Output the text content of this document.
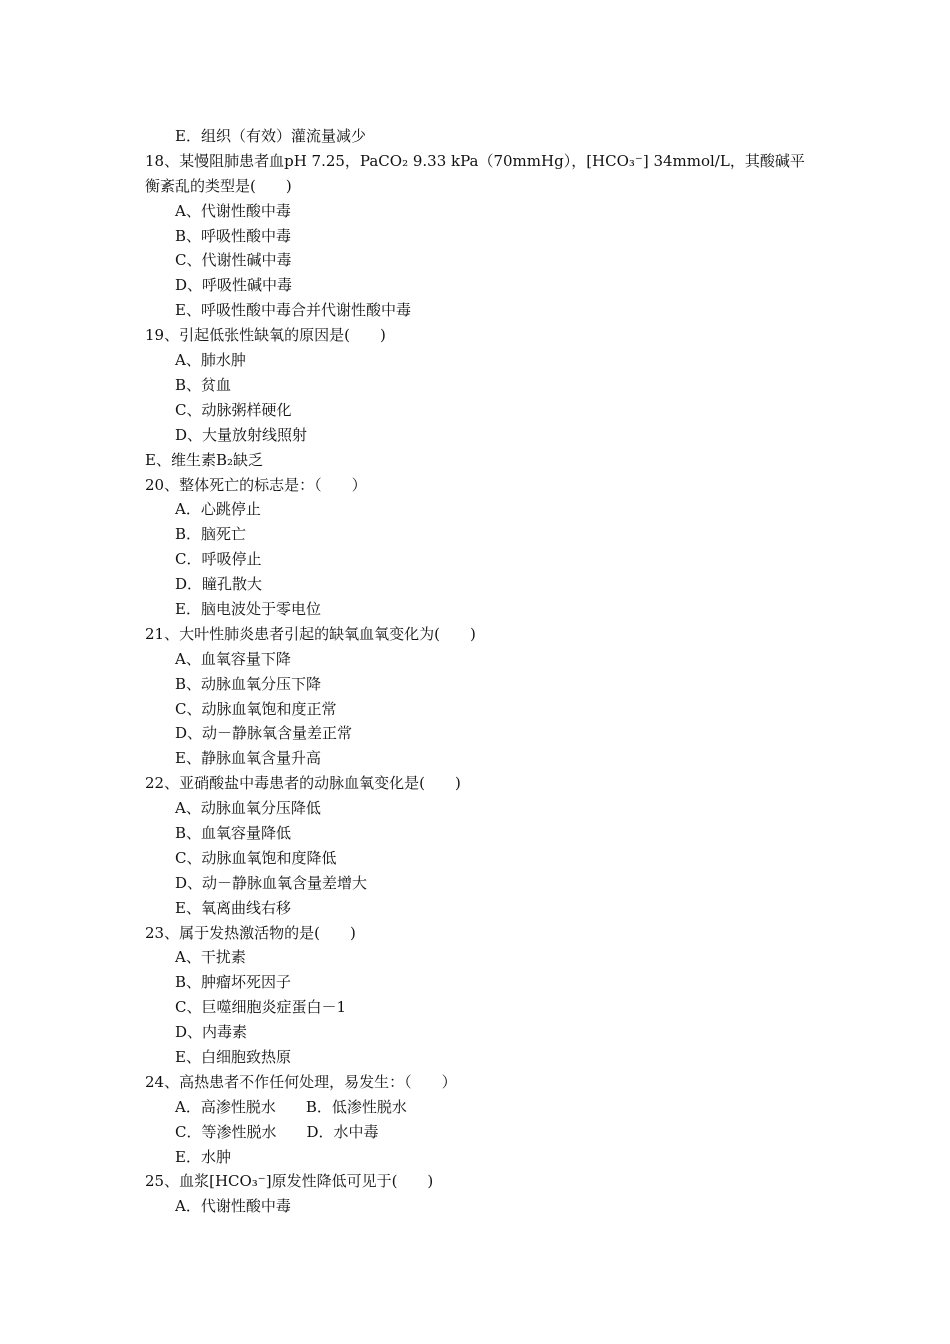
E．组织（有效）灌流量减少
18、某慢阻肺患者血pH 7.25，PaCO₂ 9.33 kPa（70mmHg），[HCO₃⁻] 34mmol/L，其酸碱平衡紊乱的类型是(　　)
A、代谢性酸中毒
B、呼吸性酸中毒
C、代谢性碱中毒
D、呼吸性碱中毒
E、呼吸性酸中毒合并代谢性酸中毒
19、引起低张性缺氧的原因是(　　)
A、肺水肿
B、贫血
C、动脉粥样硬化
D、大量放射线照射
E、维生素B₂缺乏
20、整体死亡的标志是：（　　）
A．心跳停止
B．脑死亡
C．呼吸停止
D．瞳孔散大
E．脑电波处于零电位
21、大叶性肺炎患者引起的缺氧血氧变化为(　　)
A、血氧容量下降
B、动脉血氧分压下降
C、动脉血氧饱和度正常
D、动－静脉氧含量差正常
E、静脉血氧含量升高
22、亚硝酸盐中毒患者的动脉血氧变化是(　　)
A、动脉血氧分压降低
B、血氧容量降低
C、动脉血氧饱和度降低
D、动－静脉血氧含量差增大
E、氧离曲线右移
23、属于发热激活物的是(　　)
A、干扰素
B、肿瘤坏死因子
C、巨噬细胞炎症蛋白－1
D、内毒素
E、白细胞致热原
24、高热患者不作任何处理，易发生：（　　）
A．高渗性脱水 B．低渗性脱水
C．等渗性脱水 D．水中毒
E．水肿
25、血浆[HCO₃⁻]原发性降低可见于(　　)
A．代谢性酸中毒
